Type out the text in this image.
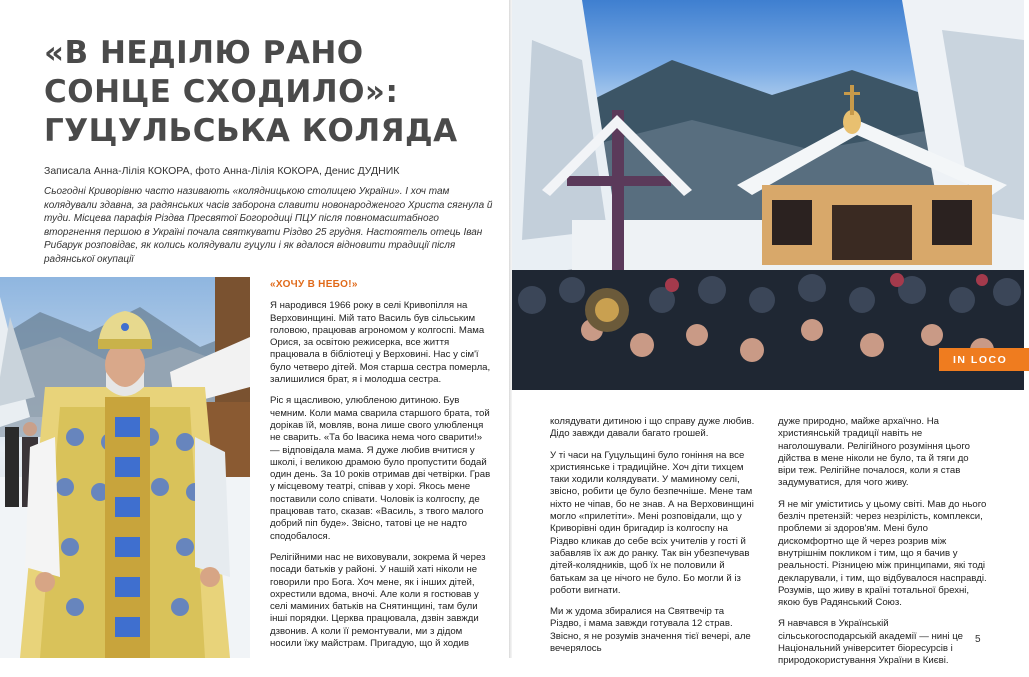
«В НЕДІЛЮ РАНО
СОНЦЕ СХОДИЛО»:
ГУЦУЛЬСЬКА КОЛЯДА
Записала Анна-Лілія КОКОРА, фото Анна-Лілія КОКОРА, Денис ДУДНИК
Сьогодні Криворівню часто називають «колядницькою столицею України». І хоч там колядували здавна, за радянських часів заборона славити новонародженого Христа сягнула й туди. Місцева парафія Різдва Пресвятої Богородиці ПЦУ після повномасштабного вторгнення першою в Україні почала святкувати Різдво 25 грудня. Настоятель отець Іван Рибарук розповідає, як колись колядували гуцули і як вдалося відновити традиції після радянської окупації
«ХОЧУ В НЕБО!»

Я народився 1966 року в селі Кривопілля на Верховинщині. Мій тато Василь був сільським головою, працював агрономом у колгоспі. Мама Орися, за освітою режисерка, все життя працювала в бібліотеці у Верховині. Нас у сім'ї було четверо дітей. Моя старша сестра померла, залишилися брат, я і молодша сестра.

Ріс я щасливою, улюбленою дитиною. Був чемним. Коли мама сварила старшого брата, той дорікав їй, мовляв, вона лише свого улюбленця не сварить. «Та бо Івасика нема чого сварити!» — відповідала мама. Я дуже любив вчитися у школі, і великою драмою було пропустити бодай один день. За 10 років отримав дві четвірки. Грав у місцевому театрі, співав у хорі. Якось мене поставили соло співати. Чоловік із колгоспу, де працював тато, сказав: «Василь, з твого малого добрий піп буде». Звісно, татові це не надто сподобалося.

Релігійними нас не виховували, зокрема й через посади батьків у районі. У нашій хаті ніколи не говорили про Бога. Хоч мене, як і інших дітей, охрестили вдома, вночі. Але коли я гостював у селі маминих батьків на Снятинщині, там були інші порядки. Церква працювала, дзвін завжди дзвонив. А коли її ремонтували, ми з дідом носили їжу майстрам. Пригадую, що й ходив

IN LOCO

колядувати дитиною і що справу дуже любив. Дідо завжди давали багато грошей.

У ті часи на Гуцульщині було гоніння на все християнське і традиційне. Хоч діти тихцем таки ходили колядувати. У маминому селі, звісно, робити це було безпечніше. Мене там ніхто не чіпав, бо не знав. А на Верховинщині могло «прилетіти». Мені розповідали, що у Криворівні один бригадир із колгоспу на Різдво кликав до себе всіх учителів у гості й забавляв їх аж до ранку. Так він убезпечував дітей-колядників, щоб їх не половили й батькам за це нічого не було. Бо могли й із роботи вигнати.

Ми ж удома збиралися на Святвечір та Різдво, і мама завжди готувала 12 страв. Звісно, я не розумів значення тієї вечері, але вечерялось

дуже природно, майже архаїчно. На християнській традиції навіть не наголошували. Релігійного розуміння цього дійства в мене ніколи не було, та й тяги до віри теж. Релігійне почалося, коли я став задумуватися, для чого живу.

Я не міг уміститись у цьому світі. Мав до нього безліч претензій: через незрілість, комплекси, проблеми зі здоров'ям. Мені було дискомфортно ще й через розрив між внутрішнім покликом і тим, що я бачив у реальності. Різницею між принципами, які тоді декларували, і тим, що відбувалося насправді. Розумів, що живу в країні тотальної брехні, якою був Радянський Союз.

Я навчався в Українській сільськогосподарській академії — нині це Національний університет біоресурсів і природокористування України в Києві.

5
